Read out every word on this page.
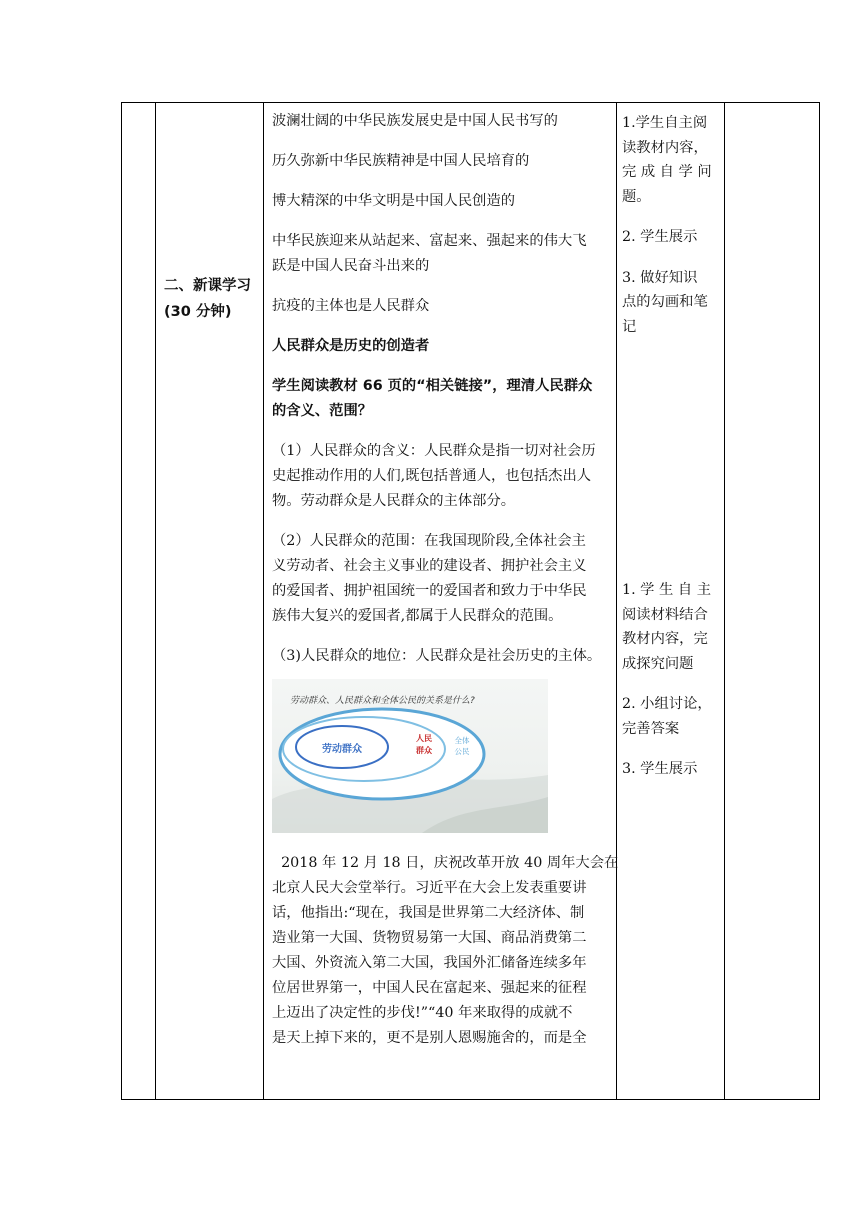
二、新课学习
(30 分钟)

波澜壮阔的中华民族发展史是中国人民书写的

历久弥新中华民族精神是中国人民培育的

博大精深的中华文明是中国人民创造的

中华民族迎来从站起来、富起来、强起来的伟大飞

跃是中国人民奋斗出来的

抗疫的主体也是人民群众

人民群众是历史的创造者

学生阅读教材 66 页的“相关链接”，理清人民群众

的含义、范围？

（1）人民群众的含义：人民群众是指一切对社会历

史起推动作用的人们,既包括普通人，也包括杰出人

物。劳动群众是人民群众的主体部分。

（2）人民群众的范围：在我国现阶段,全体社会主

义劳动者、社会主义事业的建设者、拥护社会主义

的爱国者、拥护祖国统一的爱国者和致力于中华民

族伟大复兴的爱国者,都属于人民群众的范围。

（3)人民群众的地位：人民群众是社会历史的主体。

劳动群众、人民群众和全体公民的关系是什么?
劳动群众
人民
群众
全体
公民

2018 年 12 月 18 日，庆祝改革开放 40 周年大会在

北京人民大会堂举行。习近平在大会上发表重要讲

话，他指出:“现在，我国是世界第二大经济体、制

造业第一大国、货物贸易第一大国、商品消费第二

大国、外资流入第二大国，我国外汇储备连续多年

位居世界第一，中国人民在富起来、强起来的征程

上迈出了决定性的步伐!”“40 年来取得的成就不

是天上掉下来的，更不是别人恩赐施舍的，而是全

1.学生自主阅

读教材内容，

完 成 自 学 问

题。

2. 学生展示

3. 做好知识

点的勾画和笔

记

1. 学 生 自 主

阅读材料结合

教材内容，完

成探究问题

2. 小组讨论，

完善答案

3. 学生展示
